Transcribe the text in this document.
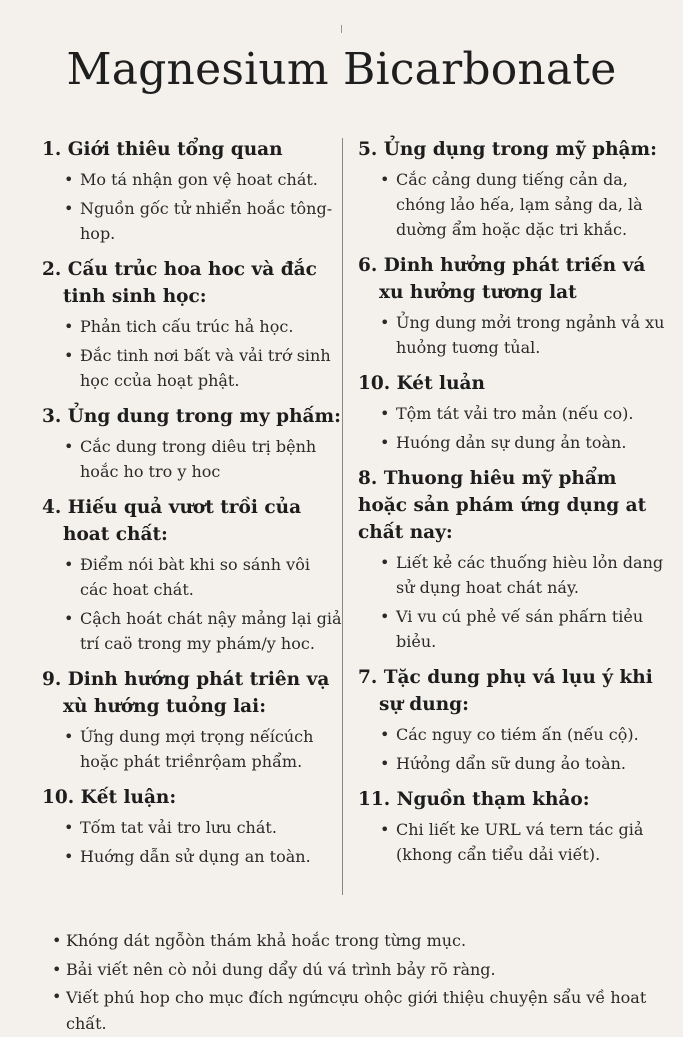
Magnesium Bicarbonate
1. Giới thiêu tổng quan
• Mo tá nhận gon vệ hoat chát.
• Nguồn gốc tử nhiển hoắc tông-hop.
2. Cấu trủc hoa hoc và đắc tinh sinh học:
• Phản tich cấu trúc hả học.
• Đắc tinh nơi bất và vải trớ sinh học ccủa hoạt phật.
3. Ủng dung trong my phấm:
• Cắc dung trong diêu trị bệnh hoắc ho tro y hoc
4. Hiếu quả vươt trồi của hoat chất:
• Điểm nói bàt khi so sánh vôi các hoat chát.
• Cậch hoát chát nậy mảng lại giả trí caö trong my phám/y hoc.
9. Dinh hướng phát triên vạ xù hướng tuỏng lai:
• Ứng dung mợi trọng nếícúch hoặc phát triềnrộam phẩm.
10. Kết luận:
• Tốm tat vải tro lưu chát.
• Huớng dẫn sử dụng an toàn.
5. Ủng dụng trong mỹ phậm:
• Cắc cảng dung tiếng cản da, chóng lảo hếa, lạm sảng da, là duờng ẩm hoặc dặc tri khắc.
6. Dinh hưởng phát triến vá xu hưởng tương lat
• Ủng dung mởi trong ngảnh vả xu huỏng tuơng tủal.
10. Két luản
• Tộm tát vải tro mản (nếu co).
• Huóng dản sự dung ản toàn.
8. Thuong hiêu mỹ phẩm hoặc sản phám ứng dụng at chất nay:
• Liết kẻ các thuống hièu lỏn dang sử dụng hoat chát náy.
• Vi vu cú phẻ vế sán phấrn tiẻu biẻu.
7. Tặc dung phụ vá lụu ý khi sự dung:
• Các nguy co tiém ấn (nếu cộ).
• Hứỏng dẩn sữ dung ảo toàn.
11. Nguồn thạm khảo:
• Chi liết ke URL vá tern tác giả (khong cẩn tiểu dải viết).
• Khóng dát ngỗòn thám khả hoắc trong từng mục.
• Bải viết nên cò nỏi dung dẩy dú vá trình bảy rõ ràng.
• Viết phú hop cho mục đích ngứncựu ohộc giới thiệu chuyện sẩu về hoat chất.
